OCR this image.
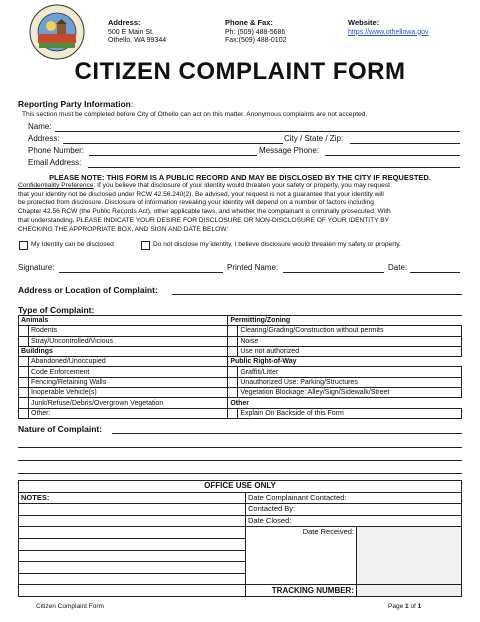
Address:
500 E Main St.
Othello, WA 99344
Phone & Fax:
Ph: (509) 488-5686
Fax:(509) 488-0102
Website:
https://www.othellowa.gov
CITIZEN COMPLAINT FORM
Reporting Party Information:
This section must be completed before City of Othello can act on this matter. Anonymous complaints are not accepted.
Name:
Address:	City / State / Zip:
Phone Number:	Message Phone:
Email Address:
PLEASE NOTE: THIS FORM IS A PUBLIC RECORD AND MAY BE DISCLOSED BY THE CITY IF REQUESTED.
Confidentiality Preference: If you believe that disclosure of your identity would threaten your safety or property, you may request
that your identity not be disclosed under RCW 42.56.240(2). Be advised, your request is not a guarantee that your identity will
be protected from disclosure. Disclosure of information revealing your identity will depend on a number of factors including
Chapter 42.56 RCW (the Public Records Act), other applicable laws, and whether the complainant is criminally prosecuted. With
that understanding, PLEASE INDICATE YOUR DESIRE FOR DISCLOSURE OR NON-DISCLOSURE OF YOUR IDENTITY BY
CHECKING THE APPROPRIATE BOX, AND SIGN AND DATE BELOW:
My Identity can be disclosed	Do not disclose my identity. I believe disclosure would threaten my safety or property.
Signature:	Printed Name:	Date:
Address or Location of Complaint:
Type of Complaint:
Animals		Permitting/Zoning	
	Rodents		Clearing/Grading/Construction without permits
	Stray/Uncontrolled/Vicious		Noise
Buildings			Use not authorized
	Abandoned/Unoccupied	Public Right-of-Way	
	Code Enforcement		Graffiti/Litter
	Fencing/Retaining Walls		Unauthorized Use: Parking/Structures
	Inoperable Vehicle(s)		Vegetation Blockage: Alley/Sign/Sidewalk/Street
	Junk/Refuse/Debris/Overgrown Vegetation	Other	
	Other:		Explain On Backside of this Form
Nature of Complaint:
OFFICE USE ONLY		
NOTES:	Date Complainant Contacted:	
	Contacted By:	
	Date Closed:	
	Date Received:	

	TRACKING NUMBER:	
Citizen Complaint Form	Page 1 of 1
